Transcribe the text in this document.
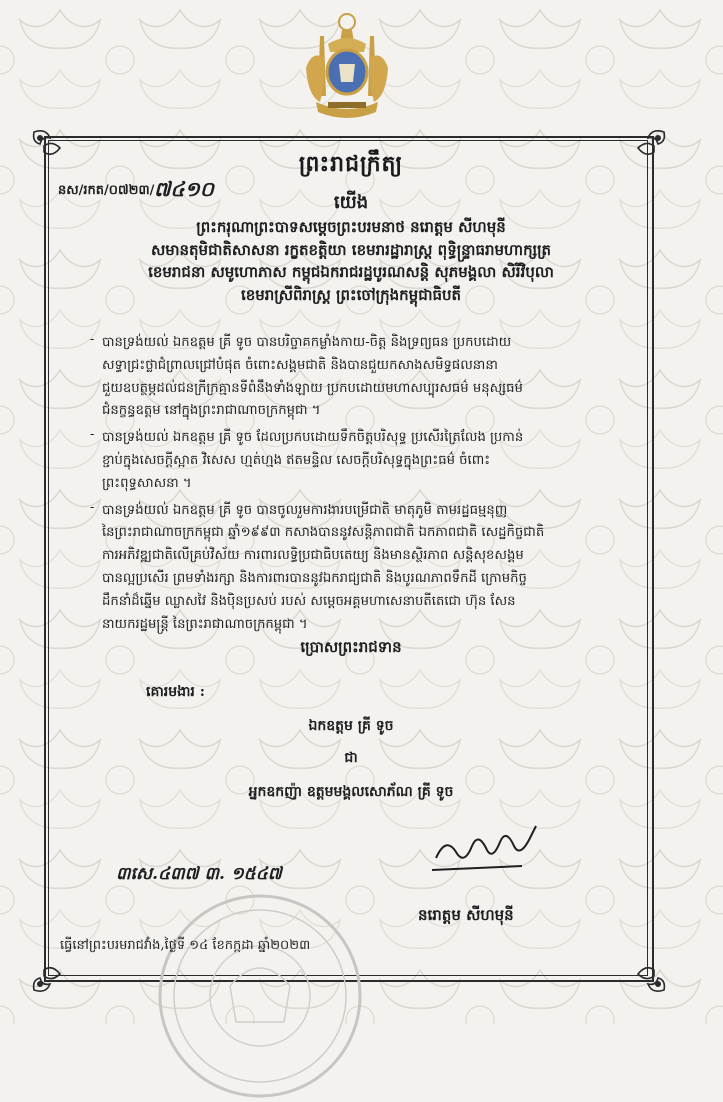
ព្រះរាជក្រឹត្យ
នស/រកត/០៧២៣/ ៧៤១០
យើង
ព្រះករុណាព្រះបាទសម្តេចព្រះបរមនាថ នរោត្តម សីហមុនី
សមានតុមិជាតិសាសនា រក្ខតខត្តិយា ខេមរារដ្ឋារាស្ត្រ ពុទ្ធិន្ទ្រាធរាមហាក្សត្រ
ខេមរាជនា សមូហោភាស កម្ពុជឯករាជរដ្ឋបូរណសន្តិ សុភមង្គលា សិរីវិបុលា
ខេមរាស្រីពិរាស្ត្រ ព្រះចៅក្រុងកម្ពុជាធិបតី
- បានទ្រង់យល់ ឯកឧត្តម គ្រី ទូច បានបរិច្ចាគកម្លាំងកាយ-ចិត្ត និងទ្រព្យធន ប្រកបដោយ
សទ្ធាជ្រះថ្លាជំព្រាលជ្រៅបំផុត ចំពោះសង្គមជាតិ និងបានជួយកសាងសមិទ្ធផលនានា
ជួយឧបត្ថម្ភដល់ជនក្រីក្រគ្មានទីពំនឹងទាំងឡាយ ប្រកបដោយមហាសប្បុរសធម៌ មនុស្សធម៌
ជំនក្ខន្ធឧត្តម នៅក្នុងព្រះរាជាណាចក្រកម្ពុជា ។
- បានទ្រង់យល់ ឯកឧត្តម គ្រី ទូច ដែលប្រកបដោយទឹកចិត្តបរិសុទ្ធ ប្រសើរត្រៃលែង ប្រកាន់
ខ្ជាប់ក្នុងសេចក្តីស្អាត វិសេស ហ្មត់ហ្មង ឥតមន្ទិល សេចក្តីបរិសុទ្ធក្នុងព្រះធម៌ ចំពោះ
ព្រះពុទ្ធសាសនា ។
- បានទ្រង់យល់ ឯកឧត្តម គ្រី ទូច បានចូលរួមការងារបម្រើជាតិ មាតុភូមិ តាមរដ្ឋធម្មនុញ្ញ
នៃព្រះរាជាណាចក្រកម្ពុជា ឆ្នាំ១៩៩៣ កសាងបាននូវសន្តិភាពជាតិ ឯកភាពជាតិ សេដ្ឋកិច្ចជាតិ
ការអភិវឌ្ឍជាតិលើគ្រប់វិស័យ ការពារលទ្ធិប្រជាធិបតេយ្យ និងមានស្ថិរភាព សន្តិសុខសង្គម
បានល្អប្រសើរ ព្រមទាំងរក្សា និងការពារបាននូវឯករាជ្យជាតិ និងបូរណភាពទឹកដី ក្រោមកិច្ច
ដឹកនាំដ៏ឆ្នើម ឈ្លាសវៃ និងប៉ិនប្រសប់ របស់ សម្តេចអគ្គមហាសេនាបតីតេជោ ហ៊ុន សែន
នាយករដ្ឋមន្ត្រី នៃព្រះរាជាណាចក្រកម្ពុជា ។
ប្រោសព្រះរាជទាន
គោរមងារ :
ឯកឧត្តម គ្រី ទូច
ជា
អ្នកឧកញ៉ា ឧត្តមមង្គលសោភ័ណ គ្រី ទូច
៣សេ.៤៣៧ ៣. ១៥៤៧
នរោត្តម សីហមុនី
ធ្វើនៅព្រះបរមរាជវាំង,ថ្ងៃទី ១៤ ខែកក្កដា ឆ្នាំ២០២៣
